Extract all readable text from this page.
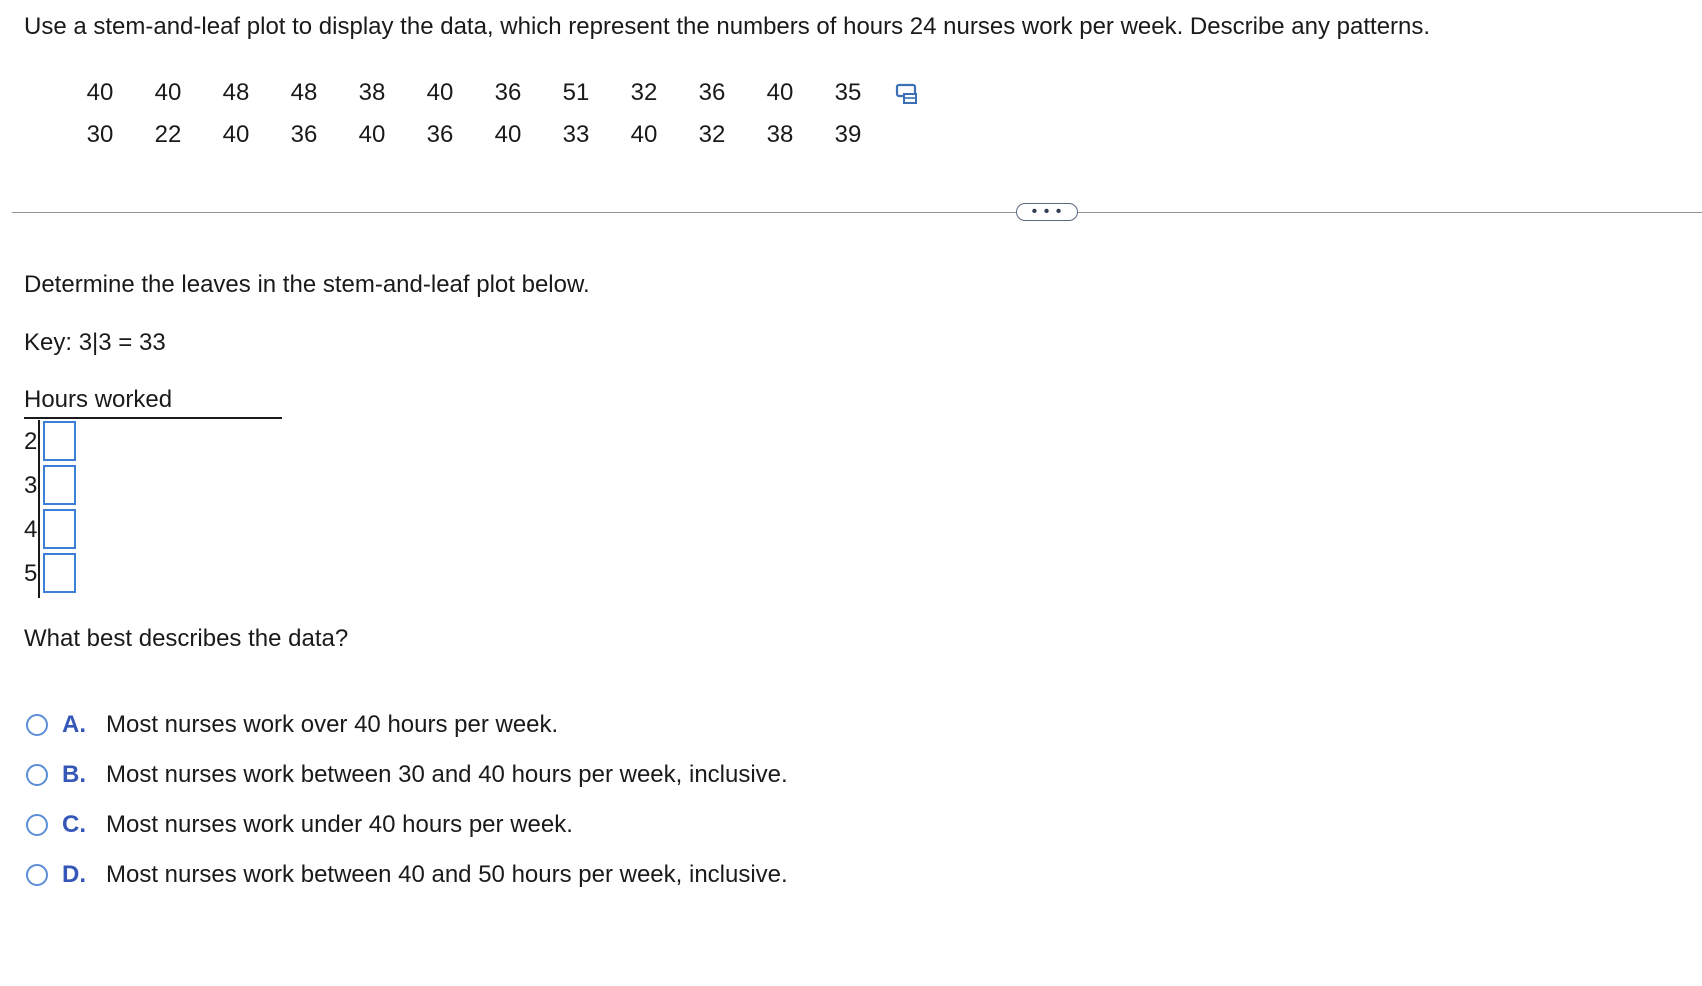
Use a stem-and-leaf plot to display the data, which represent the numbers of hours 24 nurses work per week. Describe any patterns.
40	40	48	48	38	40	36	51	32	36	40	35
30	22	40	36	40	36	40	33	40	32	38	39
• • •
Determine the leaves in the stem-and-leaf plot below.
Key: 3|3 = 33
Hours worked
2
3
4
5
What best describes the data?
A. Most nurses work over 40 hours per week.
B. Most nurses work between 30 and 40 hours per week, inclusive.
C. Most nurses work under 40 hours per week.
D. Most nurses work between 40 and 50 hours per week, inclusive.
